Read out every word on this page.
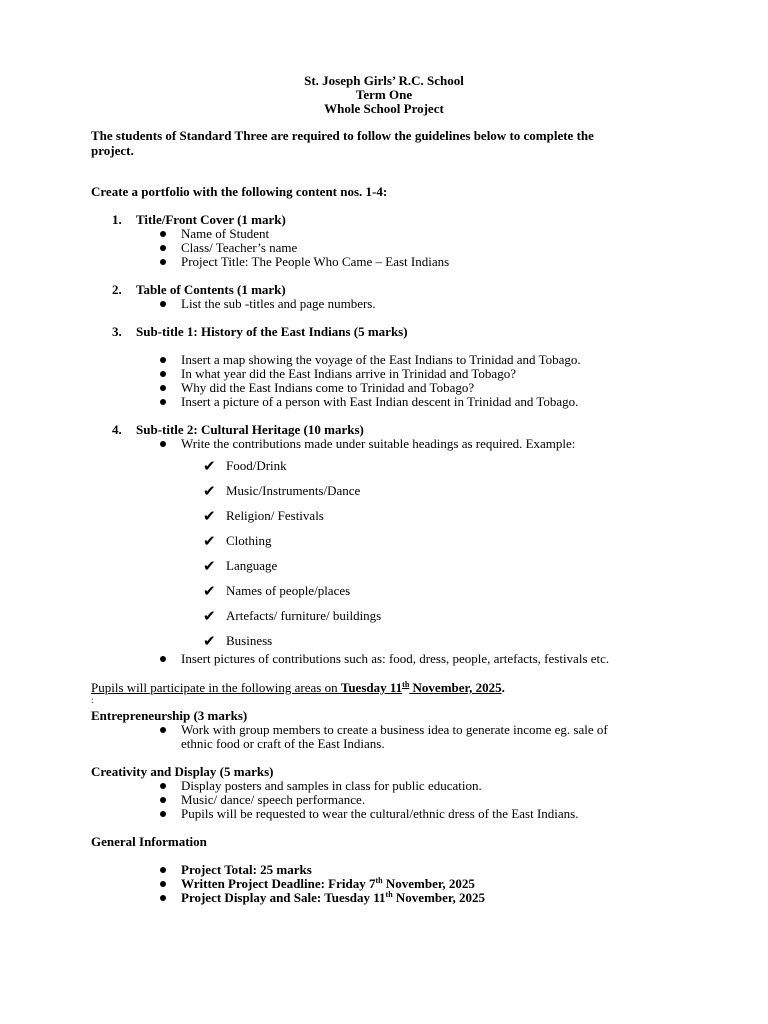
St. Joseph Girls’ R.C. School
Term One
Whole School Project
The students of Standard Three are required to follow the guidelines below to complete the
project.
Create a portfolio with the following content nos. 1-4:
1. Title/Front Cover (1 mark)
Name of Student
Class/ Teacher’s name
Project Title: The People Who Came – East Indians
2. Table of Contents (1 mark)
List the sub -titles and page numbers.
3. Sub-title 1: History of the East Indians (5 marks)
Insert a map showing the voyage of the East Indians to Trinidad and Tobago.
In what year did the East Indians arrive in Trinidad and Tobago?
Why did the East Indians come to Trinidad and Tobago?
Insert a picture of a person with East Indian descent in Trinidad and Tobago.
4. Sub-title 2: Cultural Heritage (10 marks)
Write the contributions made under suitable headings as required. Example:
✔ Food/Drink
✔ Music/Instruments/Dance
✔ Religion/ Festivals
✔ Clothing
✔ Language
✔ Names of people/places
✔ Artefacts/ furniture/ buildings
✔ Business
Insert pictures of contributions such as: food, dress, people, artefacts, festivals etc.
Pupils will participate in the following areas on Tuesday 11th November, 2025.
:
Entrepreneurship (3 marks)
Work with group members to create a business idea to generate income eg. sale of
ethnic food or craft of the East Indians.
Creativity and Display (5 marks)
Display posters and samples in class for public education.
Music/ dance/ speech performance.
Pupils will be requested to wear the cultural/ethnic dress of the East Indians.
General Information
Project Total: 25 marks
Written Project Deadline: Friday 7th November, 2025
Project Display and Sale: Tuesday 11th November, 2025
